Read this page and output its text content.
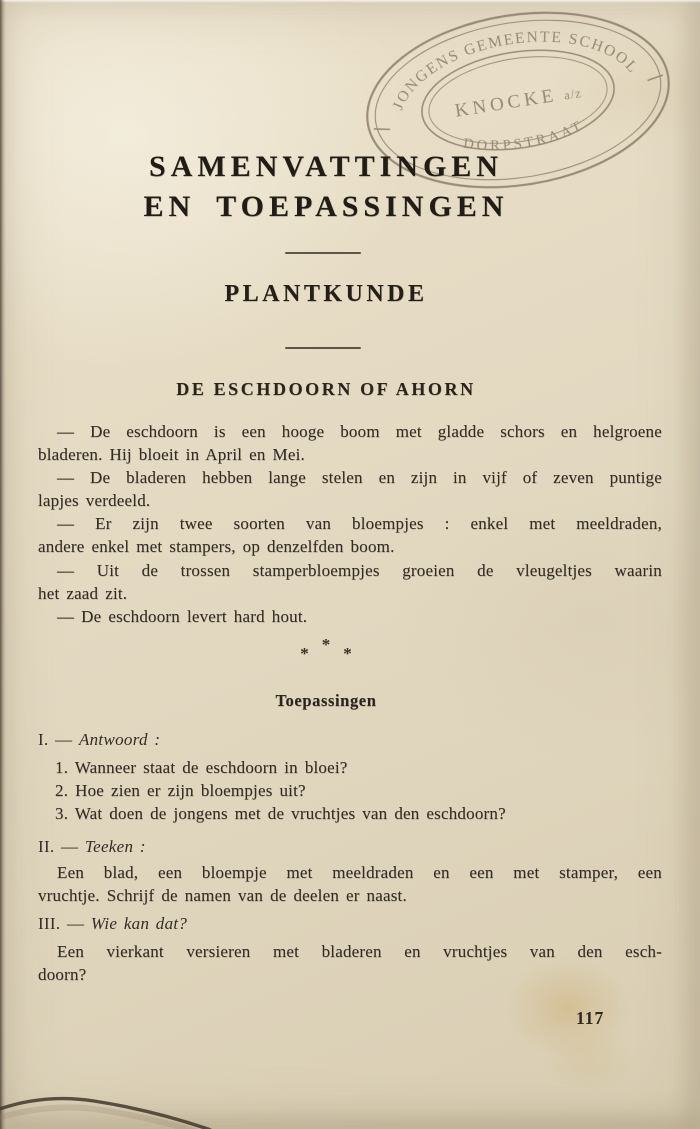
JONGENS GEMEENTE SCHOOL
KNOCKE a/z
DORPSTRAAT
SAMENVATTINGEN
EN TOEPASSINGEN
PLANTKUNDE
DE ESCHDOORN OF AHORN
— De eschdoorn is een hooge boom met gladde schors en helgroene
bladeren. Hij bloeit in April en Mei.
— De bladeren hebben lange stelen en zijn in vijf of zeven puntige
lapjes verdeeld.
— Er zijn twee soorten van bloempjes : enkel met meeldraden,
andere enkel met stampers, op denzelfden boom.
— Uit de trossen stamperbloempjes groeien de vleugeltjes waarin
het zaad zit.
— De eschdoorn levert hard hout.
* * *
Toepassingen
I. — Antwoord :
1. Wanneer staat de eschdoorn in bloei?
2. Hoe zien er zijn bloempjes uit?
3. Wat doen de jongens met de vruchtjes van den eschdoorn?
II. — Teeken :
Een blad, een bloempje met meeldraden en een met stamper, een
vruchtje. Schrijf de namen van de deelen er naast.
III. — Wie kan dat?
Een vierkant versieren met bladeren en vruchtjes van den esch-
doorn?
117
